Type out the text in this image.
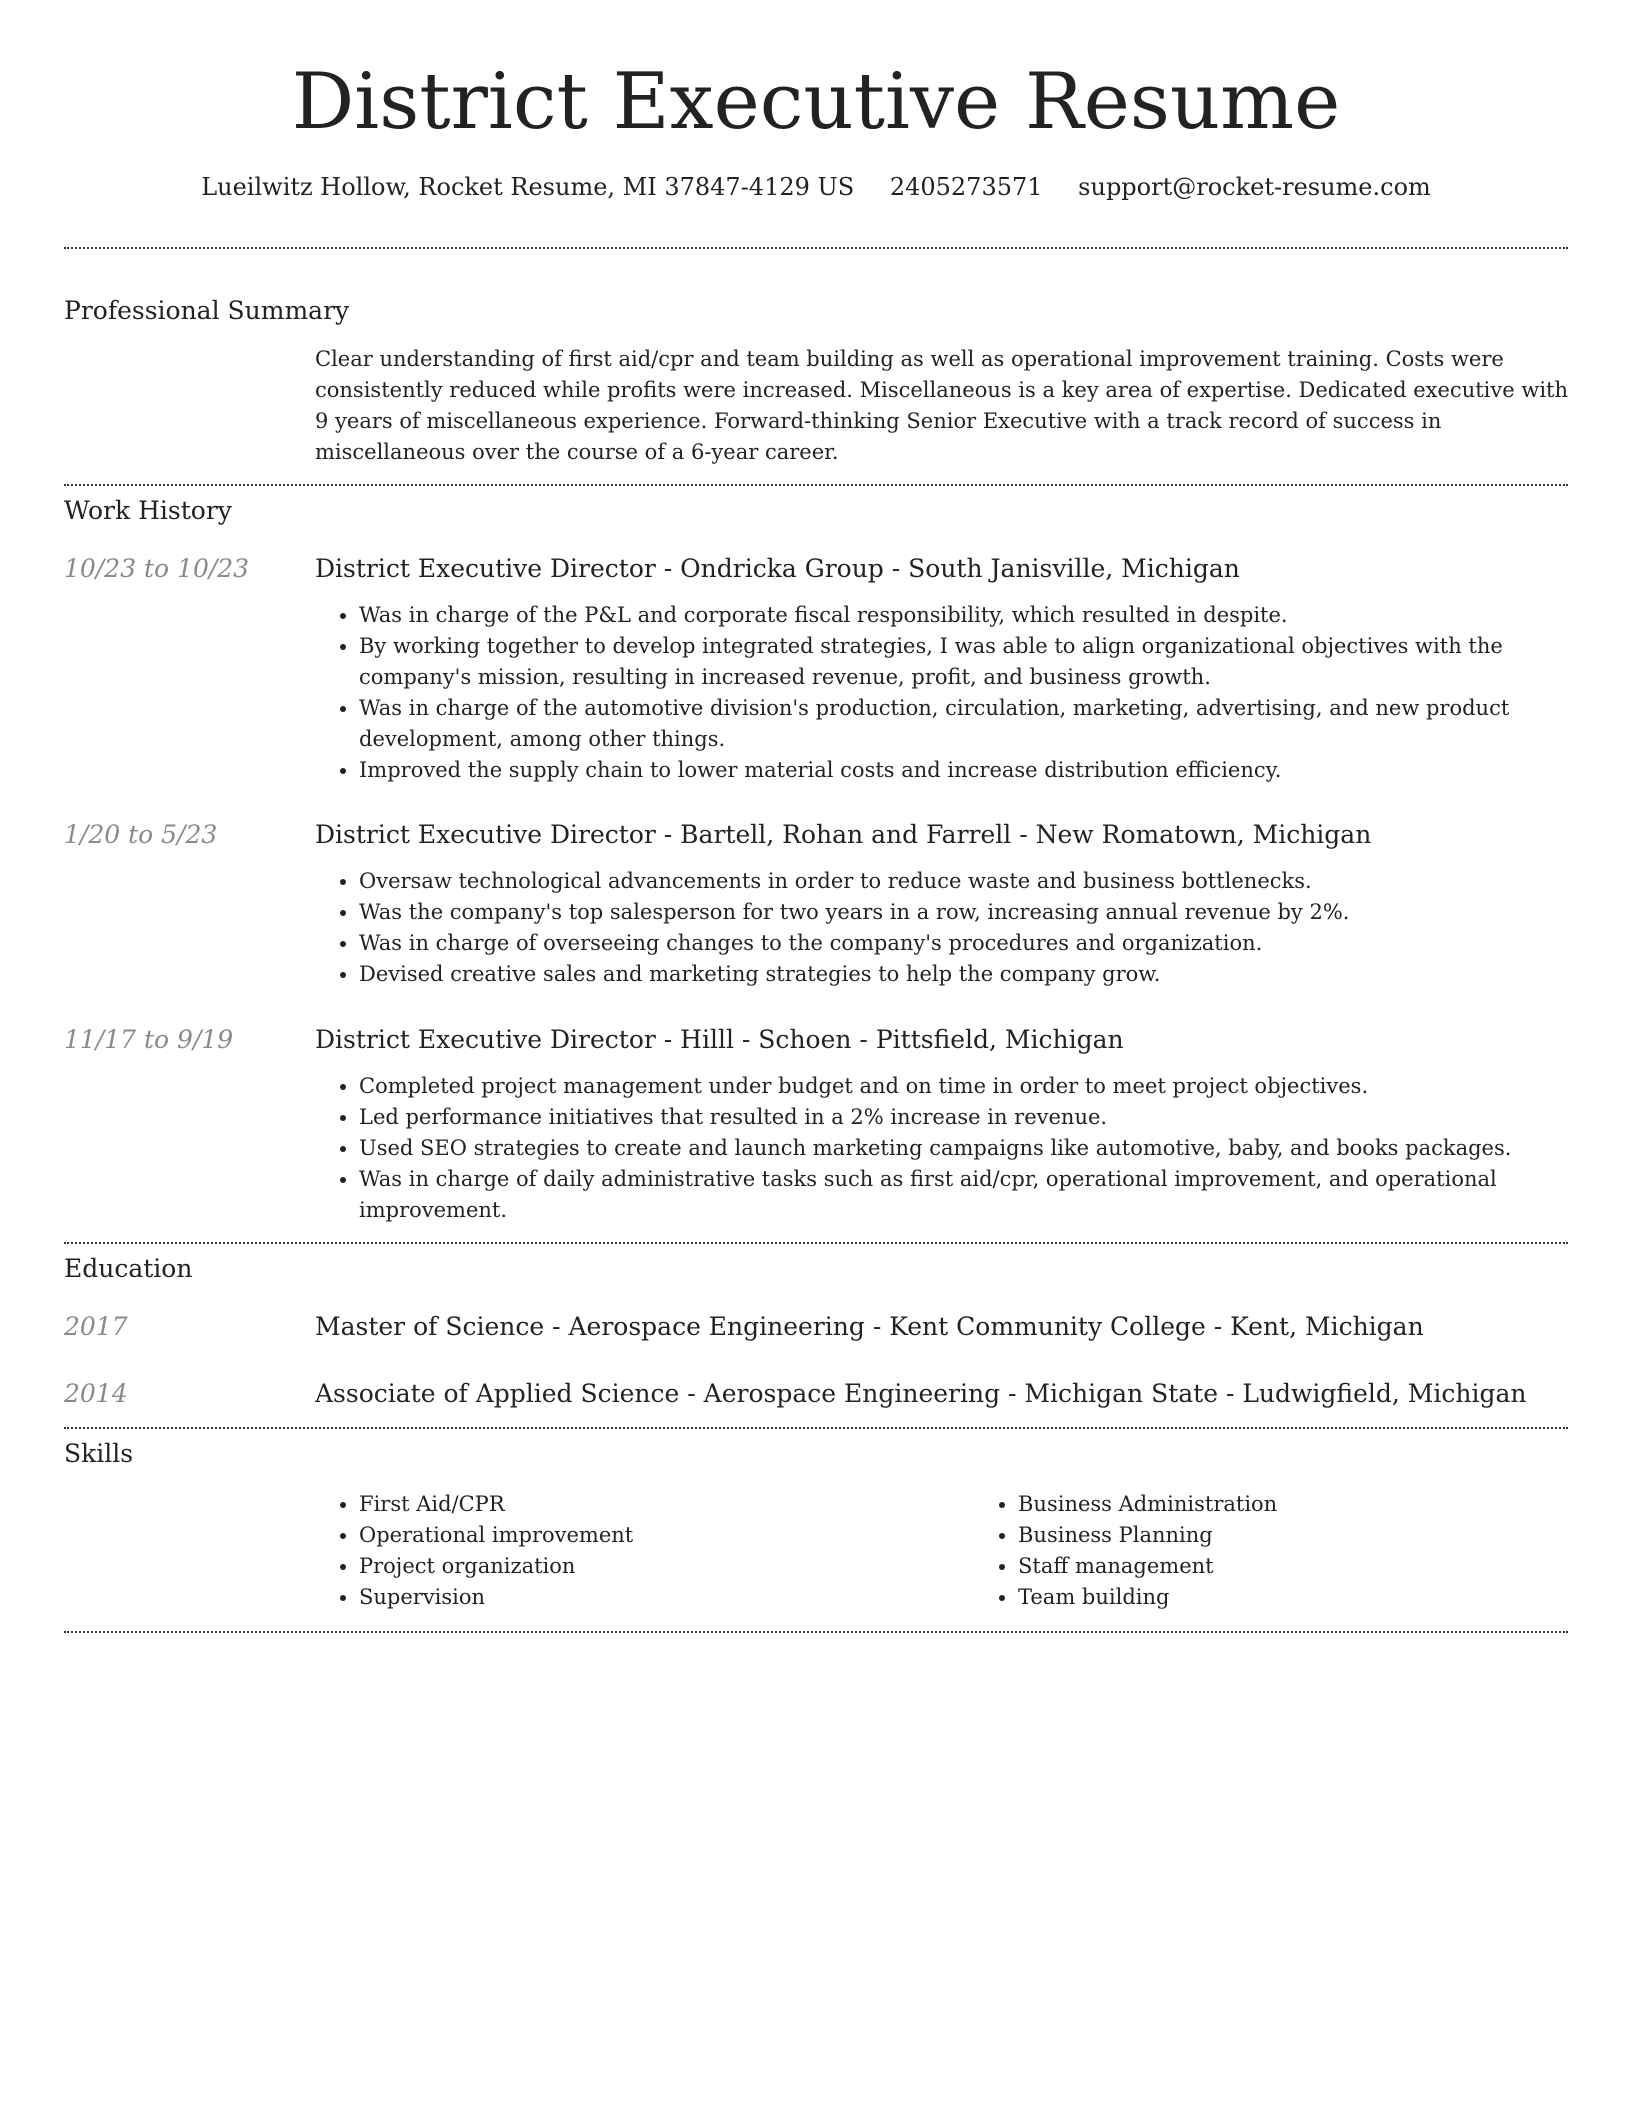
District Executive Resume
Lueilwitz Hollow, Rocket Resume, MI 37847-4129 US 2405273571 support@rocket-resume.com
Professional Summary

Clear understanding of first aid/cpr and team building as well as operational improvement training. Costs were consistently reduced while profits were increased. Miscellaneous is a key area of expertise. Dedicated executive with 9 years of miscellaneous experience. Forward-thinking Senior Executive with a track record of success in miscellaneous over the course of a 6-year career.

Work History
10/23 to 10/23	District Executive Director - Ondricka Group - South Janisville, Michigan
• Was in charge of the P&L and corporate fiscal responsibility, which resulted in despite.
• By working together to develop integrated strategies, I was able to align organizational objectives with the company's mission, resulting in increased revenue, profit, and business growth.
• Was in charge of the automotive division's production, circulation, marketing, advertising, and new product development, among other things.
• Improved the supply chain to lower material costs and increase distribution efficiency.
1/20 to 5/23	District Executive Director - Bartell, Rohan and Farrell - New Romatown, Michigan
• Oversaw technological advancements in order to reduce waste and business bottlenecks.
• Was the company's top salesperson for two years in a row, increasing annual revenue by 2%.
• Was in charge of overseeing changes to the company's procedures and organization.
• Devised creative sales and marketing strategies to help the company grow.
11/17 to 9/19	District Executive Director - Hilll - Schoen - Pittsfield, Michigan
• Completed project management under budget and on time in order to meet project objectives.
• Led performance initiatives that resulted in a 2% increase in revenue.
• Used SEO strategies to create and launch marketing campaigns like automotive, baby, and books packages.
• Was in charge of daily administrative tasks such as first aid/cpr, operational improvement, and operational improvement.
Education
2017	Master of Science - Aerospace Engineering - Kent Community College - Kent, Michigan
2014	Associate of Applied Science - Aerospace Engineering - Michigan State - Ludwigfield, Michigan
Skills
• First Aid/CPR
• Operational improvement
• Project organization
• Supervision
• Business Administration
• Business Planning
• Staff management
• Team building
